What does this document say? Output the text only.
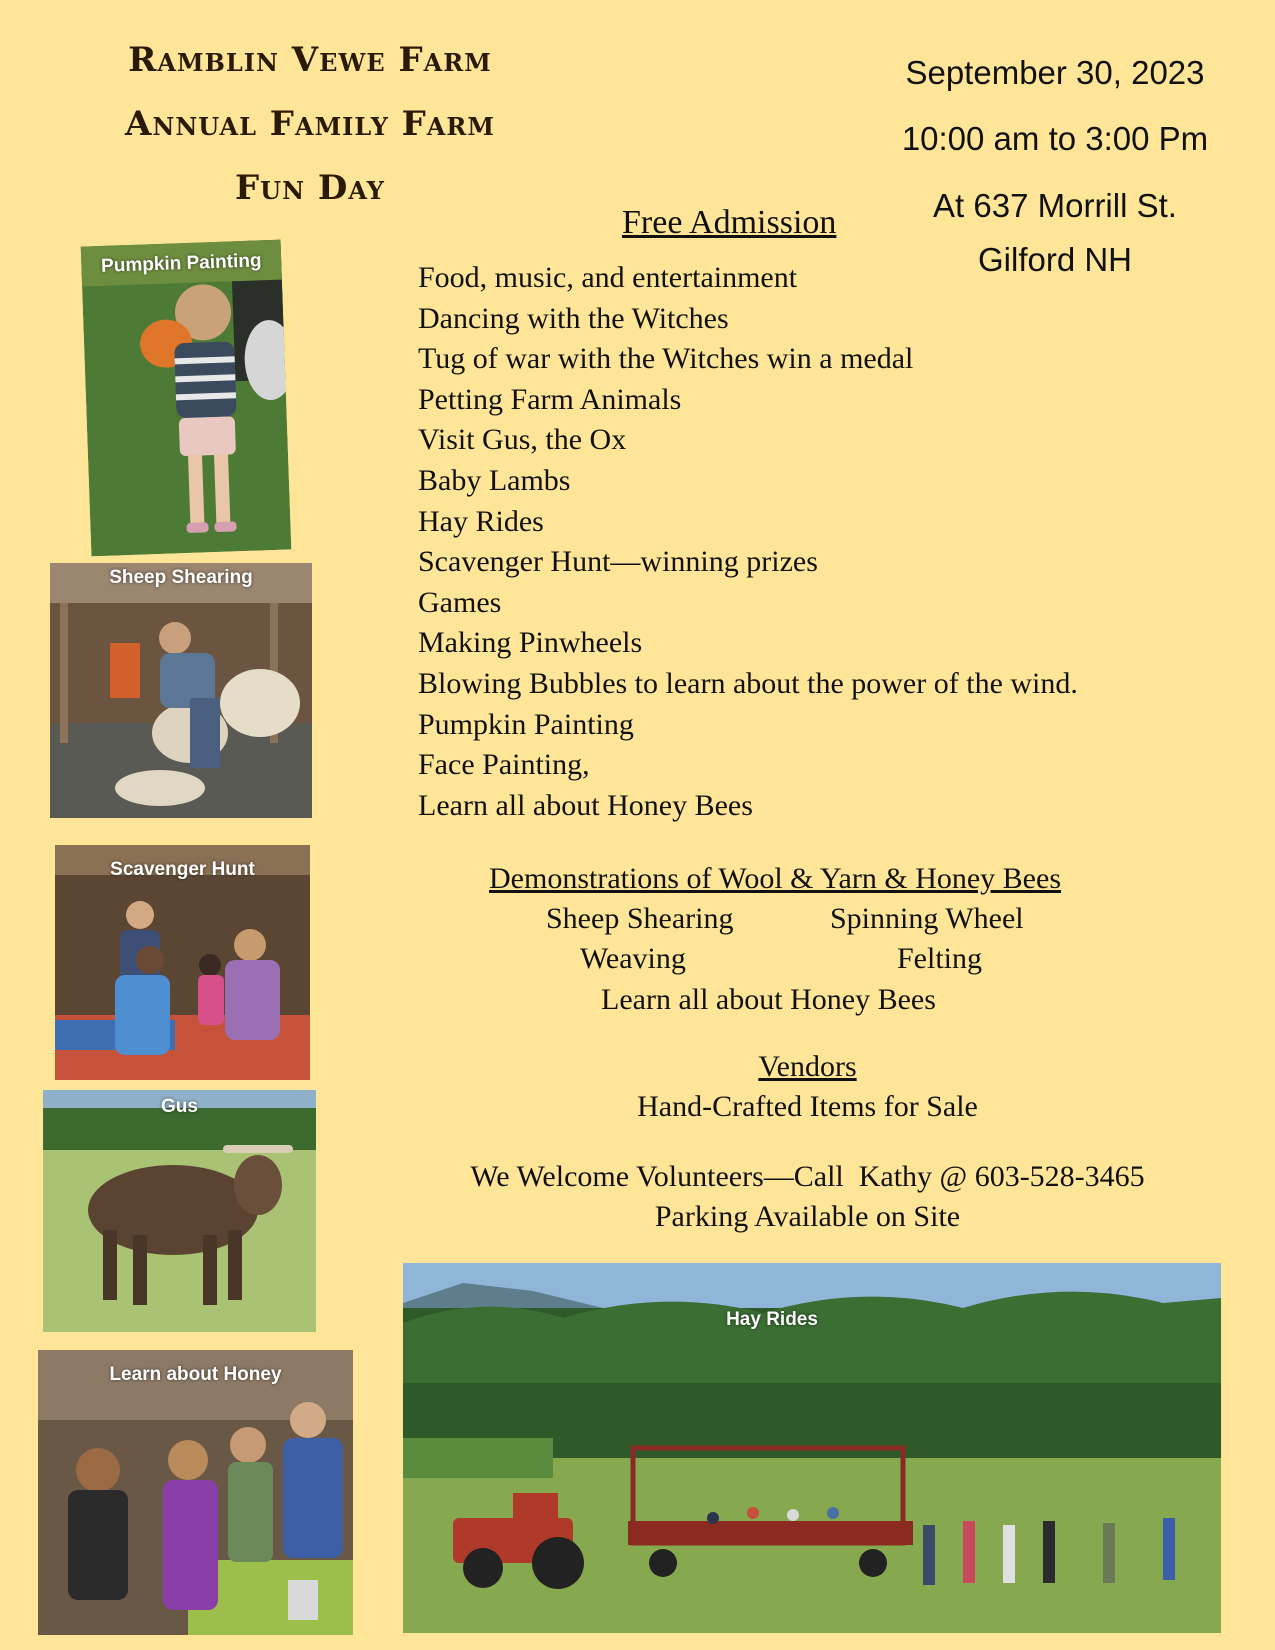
Ramblin Vewe Farm
Annual Family Farm
Fun Day
September 30, 2023
10:00 am to 3:00 Pm
At 637 Morrill St.
Gilford NH
Free Admission
Food, music, and entertainment
Dancing with the Witches
Tug of war with the Witches win a medal
Petting Farm Animals
Visit Gus, the Ox
Baby Lambs
Hay Rides
Scavenger Hunt—winning prizes
Games
Making Pinwheels
Blowing Bubbles to learn about the power of the wind.
Pumpkin Painting
Face Painting,
Learn all about Honey Bees
Demonstrations of Wool & Yarn & Honey Bees
Sheep Shearing	Spinning Wheel
Weaving	Felting
Learn all about Honey Bees
Vendors
Hand-Crafted Items for Sale
We Welcome Volunteers—Call  Kathy @ 603-528-3465
Parking Available on Site
Pumpkin Painting
Sheep Shearing
Scavenger Hunt
Gus
Learn about Honey
Hay Rides
